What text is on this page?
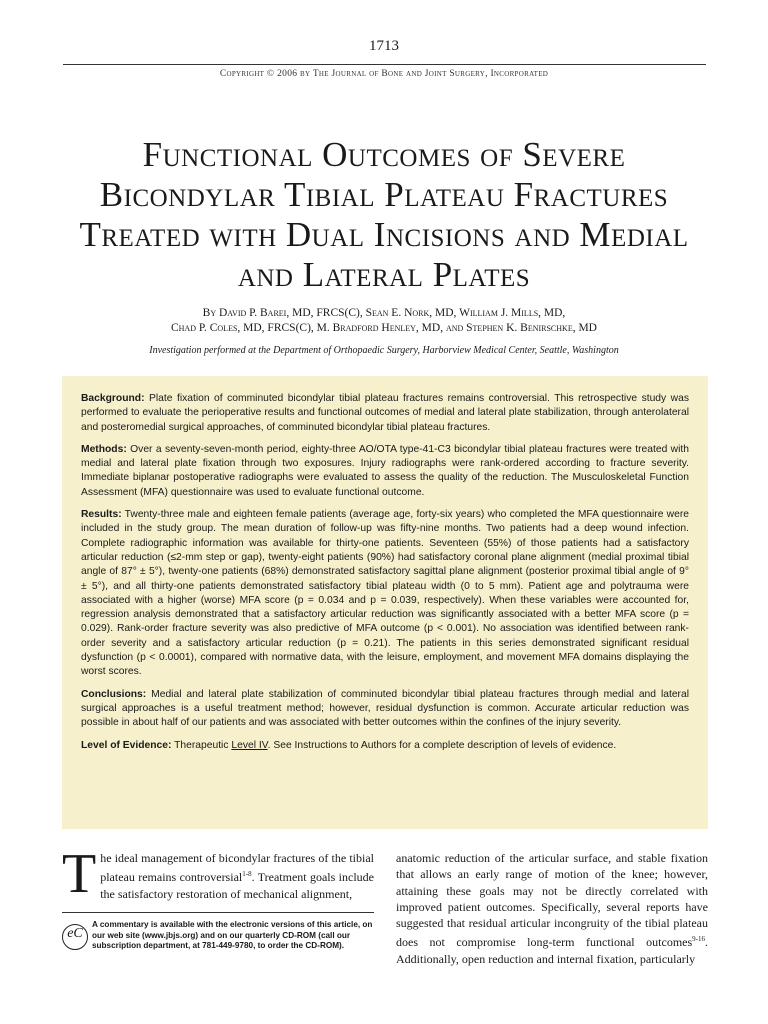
1713
Copyright © 2006 by The Journal of Bone and Joint Surgery, Incorporated
Functional Outcomes of Severe Bicondylar Tibial Plateau Fractures Treated with Dual Incisions and Medial and Lateral Plates
By David P. Barei, MD, FRCS(C), Sean E. Nork, MD, William J. Mills, MD,
Chad P. Coles, MD, FRCS(C), M. Bradford Henley, MD, and Stephen K. Benirschke, MD
Investigation performed at the Department of Orthopaedic Surgery, Harborview Medical Center, Seattle, Washington

Background: Plate fixation of comminuted bicondylar tibial plateau fractures remains controversial. This retrospective study was performed to evaluate the perioperative results and functional outcomes of medial and lateral plate stabilization, through anterolateral and posteromedial surgical approaches, of comminuted bicondylar tibial plateau fractures.

Methods: Over a seventy-seven-month period, eighty-three AO/OTA type-41-C3 bicondylar tibial plateau fractures were treated with medial and lateral plate fixation through two exposures. Injury radiographs were rank-ordered according to fracture severity. Immediate biplanar postoperative radiographs were evaluated to assess the quality of the reduction. The Musculoskeletal Function Assessment (MFA) questionnaire was used to evaluate functional outcome.

Results: Twenty-three male and eighteen female patients (average age, forty-six years) who completed the MFA questionnaire were included in the study group. The mean duration of follow-up was fifty-nine months. Two patients had a deep wound infection. Complete radiographic information was available for thirty-one patients. Seventeen (55%) of those patients had a satisfactory articular reduction (≤2-mm step or gap), twenty-eight patients (90%) had satisfactory coronal plane alignment (medial proximal tibial angle of 87° ± 5°), twenty-one patients (68%) demonstrated satisfactory sagittal plane alignment (posterior proximal tibial angle of 9° ± 5°), and all thirty-one patients demonstrated satisfactory tibial plateau width (0 to 5 mm). Patient age and polytrauma were associated with a higher (worse) MFA score (p = 0.034 and p = 0.039, respectively). When these variables were accounted for, regression analysis demonstrated that a satisfactory articular reduction was significantly associated with a better MFA score (p = 0.029). Rank-order fracture severity was also predictive of MFA outcome (p < 0.001). No association was identified between rank-order severity and a satisfactory articular reduction (p = 0.21). The patients in this series demonstrated significant residual dysfunction (p < 0.0001), compared with normative data, with the leisure, employment, and movement MFA domains displaying the worst scores.

Conclusions: Medial and lateral plate stabilization of comminuted bicondylar tibial plateau fractures through medial and lateral surgical approaches is a useful treatment method; however, residual dysfunction is common. Accurate articular reduction was possible in about half of our patients and was associated with better outcomes within the confines of the injury severity.

Level of Evidence: Therapeutic Level IV. See Instructions to Authors for a complete description of levels of evidence.

T he ideal management of bicondylar fractures of the tibial plateau remains controversial$^{1-8}$. Treatment goals include the satisfactory restoration of mechanical alignment,

eC

A commentary is available with the electronic versions of this article, on our web site (www.jbjs.org) and on our quarterly CD-ROM (call our subscription department, at 781-449-9780, to order the CD-ROM).

anatomic reduction of the articular surface, and stable fixation that allows an early range of motion of the knee; however, attaining these goals may not be directly correlated with improved patient outcomes. Specifically, several reports have suggested that residual articular incongruity of the tibial plateau does not compromise long-term functional outcomes$^{9-16}$. Additionally, open reduction and internal fixation, particularly
